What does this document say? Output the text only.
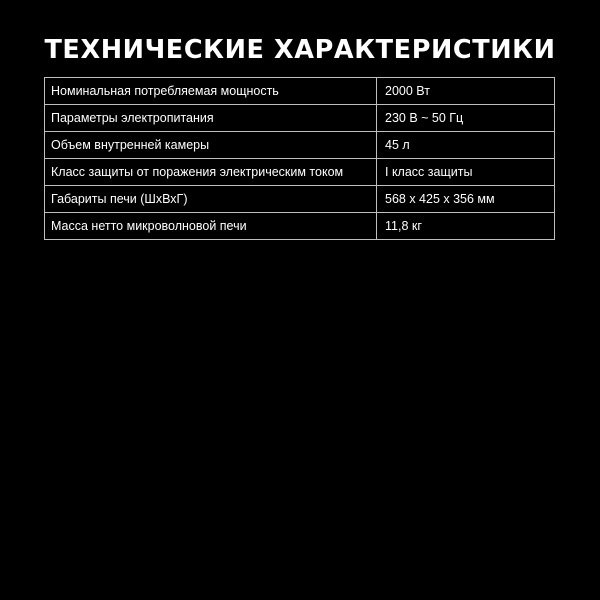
ТЕХНИЧЕСКИЕ ХАРАКТЕРИСТИКИ
Номинальная потребляемая мощность	2000 Вт
Параметры электропитания	230 В ~ 50 Гц
Объем внутренней камеры	45 л
Класс защиты от поражения электрическим током	I класс защиты
Габариты печи (ШхВхГ)	568 х 425 х 356 мм
Масса нетто микроволновой печи	11,8 кг
